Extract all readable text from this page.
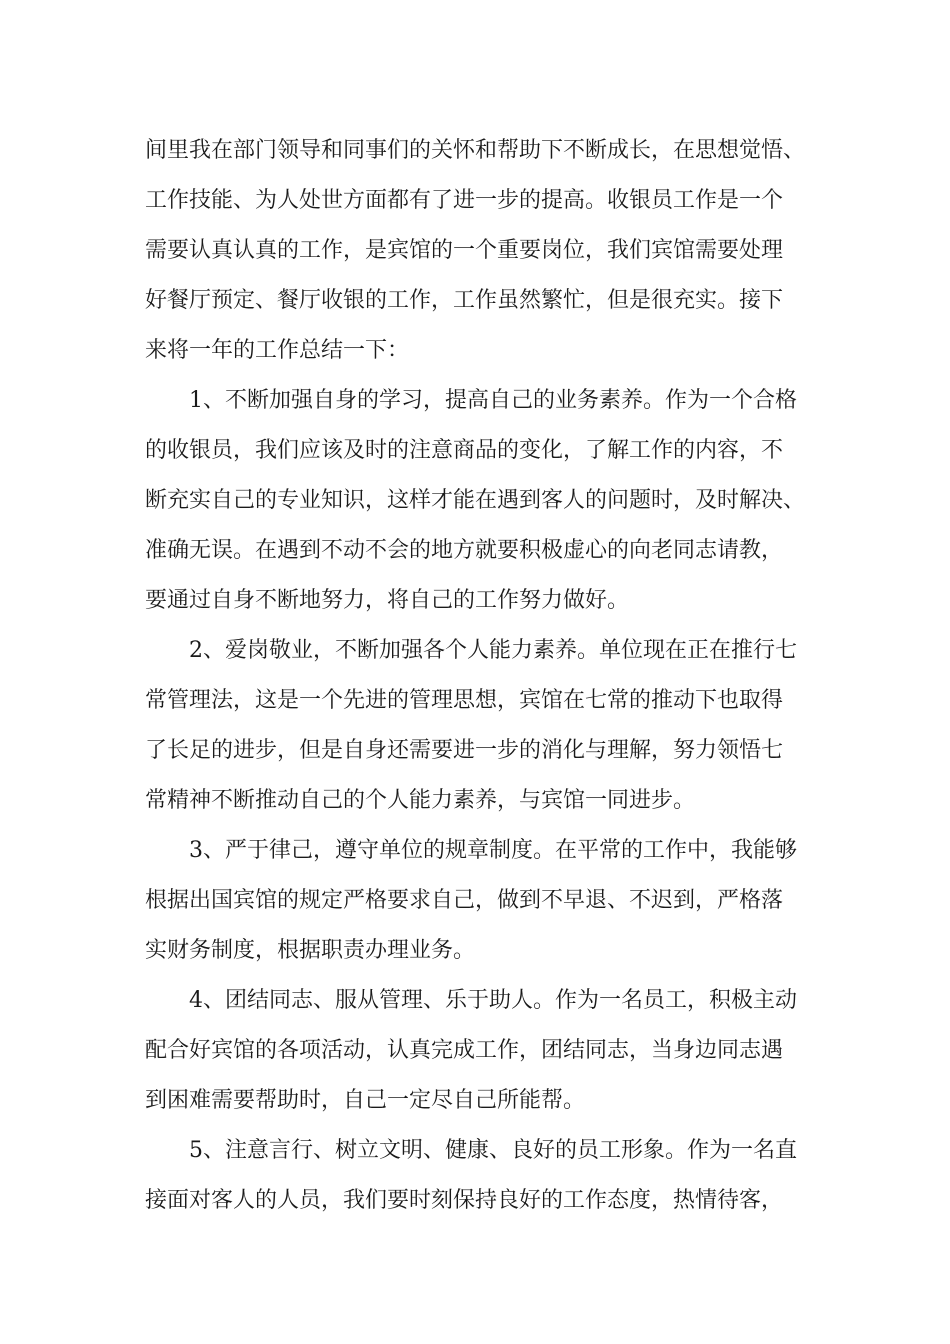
间里我在部门领导和同事们的关怀和帮助下不断成长，在思想觉悟、
工作技能、为人处世方面都有了进一步的提高。收银员工作是一个
需要认真认真的工作，是宾馆的一个重要岗位，我们宾馆需要处理
好餐厅预定、餐厅收银的工作，工作虽然繁忙，但是很充实。接下
来将一年的工作总结一下：
1、不断加强自身的学习，提高自己的业务素养。作为一个合格
的收银员，我们应该及时的注意商品的变化，了解工作的内容，不
断充实自己的专业知识，这样才能在遇到客人的问题时，及时解决、
准确无误。在遇到不动不会的地方就要积极虚心的向老同志请教，
要通过自身不断地努力，将自己的工作努力做好。
2、爱岗敬业，不断加强各个人能力素养。单位现在正在推行七
常管理法，这是一个先进的管理思想，宾馆在七常的推动下也取得
了长足的进步，但是自身还需要进一步的消化与理解，努力领悟七
常精神不断推动自己的个人能力素养，与宾馆一同进步。
3、严于律己，遵守单位的规章制度。在平常的工作中，我能够
根据出国宾馆的规定严格要求自己，做到不早退、不迟到，严格落
实财务制度，根据职责办理业务。
4、团结同志、服从管理、乐于助人。作为一名员工，积极主动
配合好宾馆的各项活动，认真完成工作，团结同志，当身边同志遇
到困难需要帮助时，自己一定尽自己所能帮。
5、注意言行、树立文明、健康、良好的员工形象。作为一名直
接面对客人的人员，我们要时刻保持良好的工作态度，热情待客，
